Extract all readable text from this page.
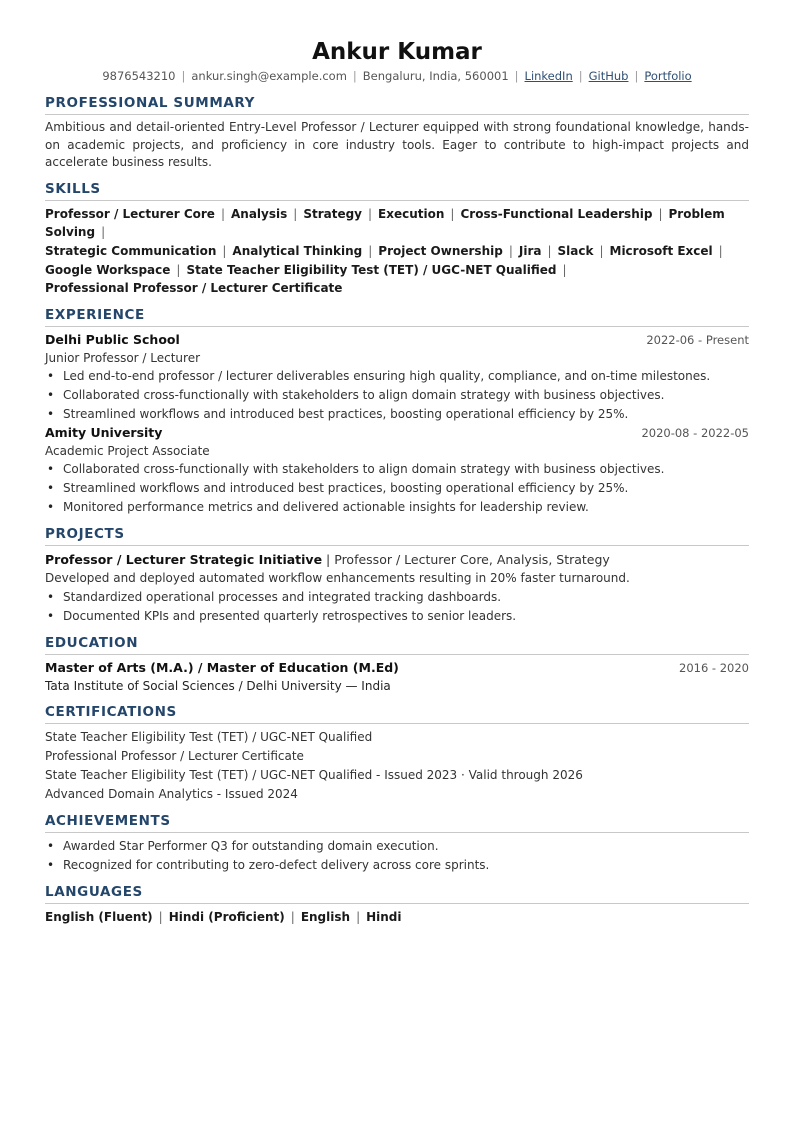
Ankur Kumar
9876543210 | ankur.singh@example.com | Bengaluru, India, 560001 | LinkedIn | GitHub | Portfolio
PROFESSIONAL SUMMARY
Ambitious and detail-oriented Entry-Level Professor / Lecturer equipped with strong foundational knowledge, hands-on academic projects, and proficiency in core industry tools. Eager to contribute to high-impact projects and accelerate business results.
SKILLS
Professor / Lecturer Core | Analysis | Strategy | Execution | Cross-Functional Leadership | Problem Solving |
Strategic Communication | Analytical Thinking | Project Ownership | Jira | Slack | Microsoft Excel |
Google Workspace | State Teacher Eligibility Test (TET) / UGC-NET Qualified |
Professional Professor / Lecturer Certificate
EXPERIENCE
Delhi Public School	2022-06 - Present
Junior Professor / Lecturer
• Led end-to-end professor / lecturer deliverables ensuring high quality, compliance, and on-time milestones.
• Collaborated cross-functionally with stakeholders to align domain strategy with business objectives.
• Streamlined workflows and introduced best practices, boosting operational efficiency by 25%.
Amity University	2020-08 - 2022-05
Academic Project Associate
• Collaborated cross-functionally with stakeholders to align domain strategy with business objectives.
• Streamlined workflows and introduced best practices, boosting operational efficiency by 25%.
• Monitored performance metrics and delivered actionable insights for leadership review.
PROJECTS
Professor / Lecturer Strategic Initiative | Professor / Lecturer Core, Analysis, Strategy
Developed and deployed automated workflow enhancements resulting in 20% faster turnaround.
• Standardized operational processes and integrated tracking dashboards.
• Documented KPIs and presented quarterly retrospectives to senior leaders.
EDUCATION
Master of Arts (M.A.) / Master of Education (M.Ed)	2016 - 2020
Tata Institute of Social Sciences / Delhi University — India
CERTIFICATIONS
State Teacher Eligibility Test (TET) / UGC-NET Qualified
Professional Professor / Lecturer Certificate
State Teacher Eligibility Test (TET) / UGC-NET Qualified - Issued 2023 · Valid through 2026
Advanced Domain Analytics - Issued 2024
ACHIEVEMENTS
• Awarded Star Performer Q3 for outstanding domain execution.
• Recognized for contributing to zero-defect delivery across core sprints.
LANGUAGES
English (Fluent) | Hindi (Proficient) | English | Hindi
